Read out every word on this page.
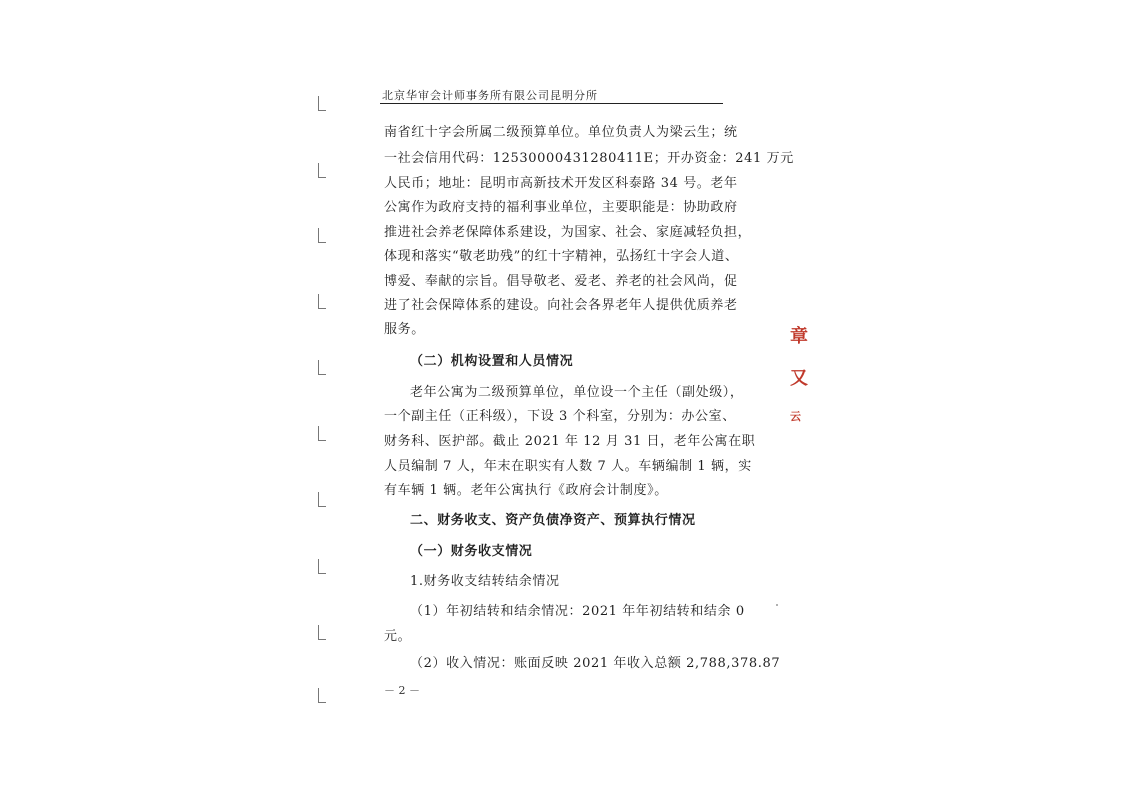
北京华审会计师事务所有限公司昆明分所
南省红十字会所属二级预算单位。单位负责人为梁云生；统
一社会信用代码：12530000431280411E；开办资金：241 万元
人民币；地址：昆明市高新技术开发区科泰路 34 号。老年
公寓作为政府支持的福利事业单位，主要职能是：协助政府
推进社会养老保障体系建设，为国家、社会、家庭减轻负担，
体现和落实“敬老助残”的红十字精神，弘扬红十字会人道、
博爱、奉献的宗旨。倡导敬老、爱老、养老的社会风尚，促
进了社会保障体系的建设。向社会各界老年人提供优质养老
服务。
（二）机构设置和人员情况
老年公寓为二级预算单位，单位设一个主任（副处级），
一个副主任（正科级），下设 3 个科室，分别为：办公室、
财务科、医护部。截止 2021 年 12 月 31 日，老年公寓在职
人员编制 7 人，年末在职实有人数 7 人。车辆编制 1 辆，实
有车辆 1 辆。老年公寓执行《政府会计制度》。
二、财务收支、资产负债净资产、预算执行情况
（一）财务收支情况
1.财务收支结转结余情况
（1）年初结转和结余情况：2021 年年初结转和结余 0
元。
（2）收入情况：账面反映 2021 年收入总额 2,788,378.87
－ 2 －
章
又
云
